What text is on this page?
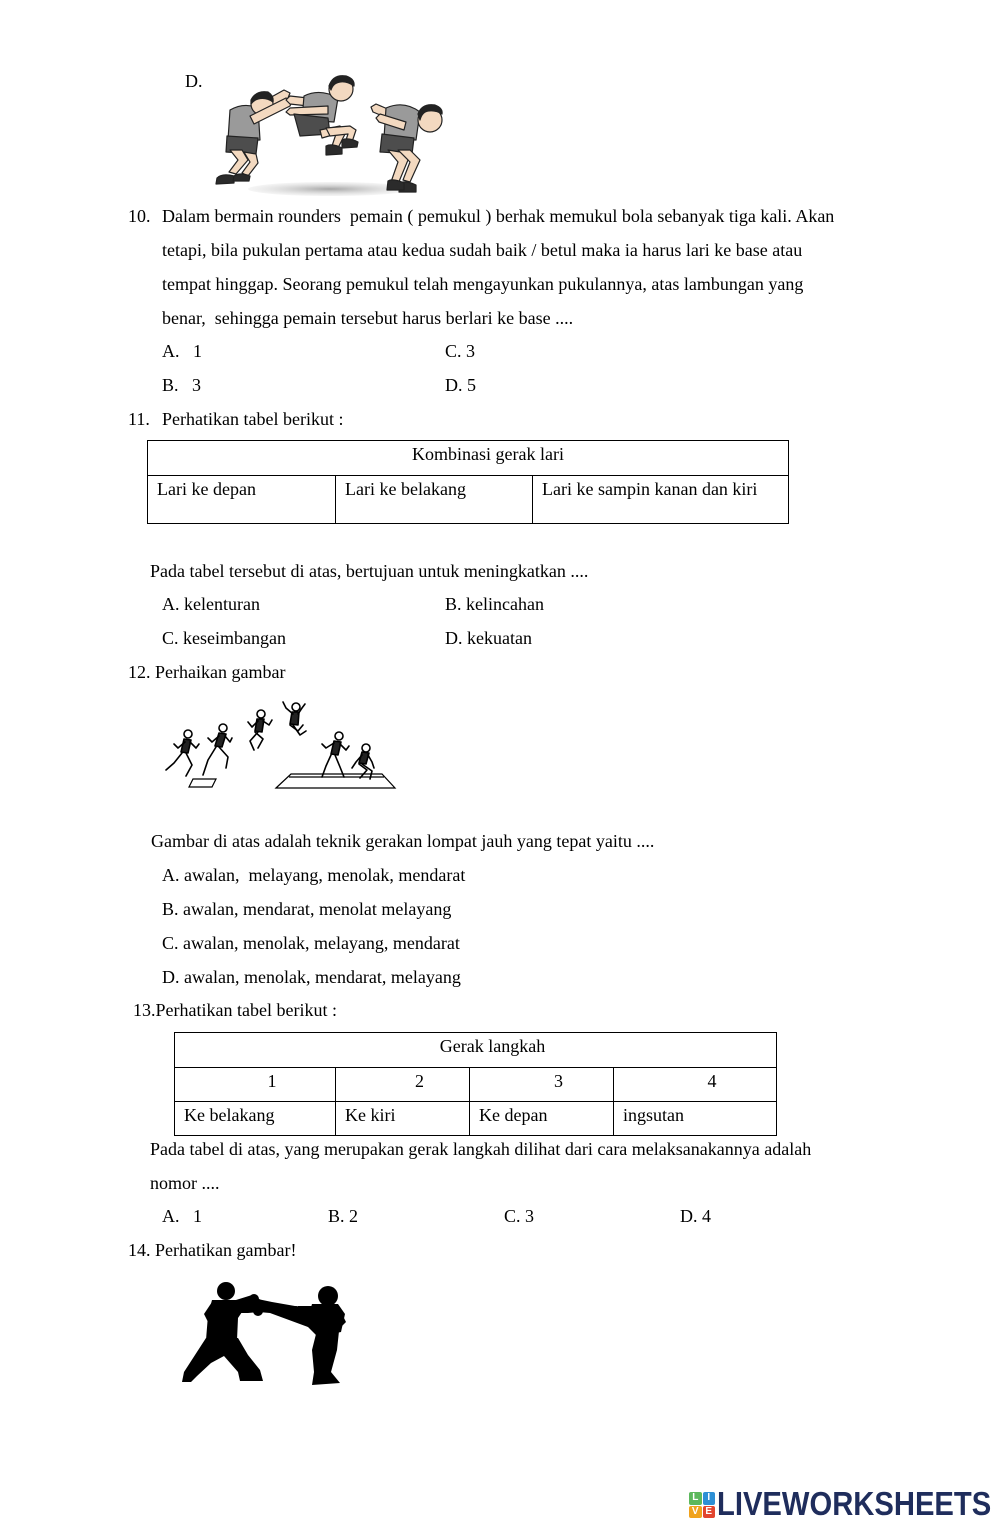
D.
10. Dalam bermain rounders  pemain ( pemukul ) berhak memukul bola sebanyak tiga kali. Akan
tetapi, bila pukulan pertama atau kedua sudah baik / betul maka ia harus lari ke base atau
tempat hinggap. Seorang pemukul telah mengayunkan pukulannya, atas lambungan yang
benar,  sehingga pemain tersebut harus berlari ke base ....
A.   1	C. 3
B.   3	D. 5
11. Perhatikan tabel berikut :
Kombinasi gerak lari
Lari ke depan	Lari ke belakang	Lari ke sampin kanan dan kiri
Pada tabel tersebut di atas, bertujuan untuk meningkatkan ....
A. kelenturan	B. kelincahan
C. keseimbangan	D. kekuatan
12. Perhaikan gambar
Gambar di atas adalah teknik gerakan lompat jauh yang tepat yaitu ....
A. awalan,  melayang, menolak, mendarat
B. awalan, mendarat, menolat melayang
C. awalan, menolak, melayang, mendarat
D. awalan, menolak, mendarat, melayang
13.Perhatikan tabel berikut :
Gerak langkah			
1	2	3	4
Ke belakang	Ke kiri	Ke depan	ingsutan
Pada tabel di atas, yang merupakan gerak langkah dilihat dari cara melaksanakannya adalah
nomor ....
A.   1	B. 2	C. 3	D. 4
14. Perhatikan gambar!
L I
V E LIVEWORKSHEETS
